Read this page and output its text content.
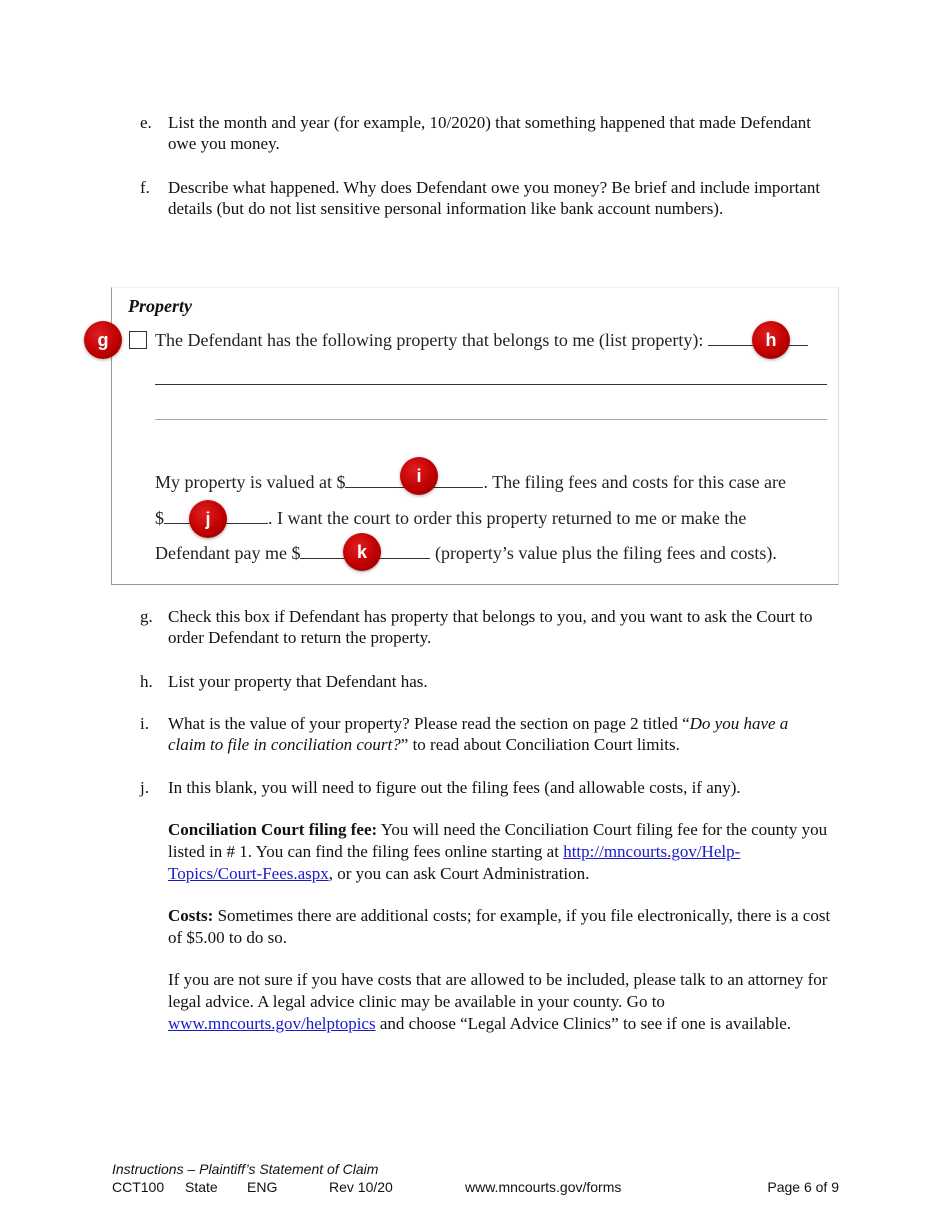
e. List the month and year (for example, 10/2020) that something happened that made Defendant owe you money.
f. Describe what happened. Why does Defendant owe you money? Be brief and include important details (but do not list sensitive personal information like bank account numbers).
Property
The Defendant has the following property that belongs to me (list property):
My property is valued at $	. The filing fees and costs for this case are
$	. I want the court to order this property returned to me or make the
Defendant pay me $	(property’s value plus the filing fees and costs).
g	h
i
j
k
g. Check this box if Defendant has property that belongs to you, and you want to ask the Court to order Defendant to return the property.
h. List your property that Defendant has.
i. What is the value of your property? Please read the section on page 2 titled “Do you have a claim to file in conciliation court?” to read about Conciliation Court limits.
j. In this blank, you will need to figure out the filing fees (and allowable costs, if any).
Conciliation Court filing fee: You will need the Conciliation Court filing fee for the county you listed in # 1. You can find the filing fees online starting at http://mncourts.gov/Help-Topics/Court-Fees.aspx, or you can ask Court Administration.
Costs: Sometimes there are additional costs; for example, if you file electronically, there is a cost of $5.00 to do so.
If you are not sure if you have costs that are allowed to be included, please talk to an attorney for legal advice. A legal advice clinic may be available in your county. Go to www.mncourts.gov/helptopics and choose “Legal Advice Clinics” to see if one is available.
Instructions – Plaintiff’s Statement of Claim
CCT100 State ENG	Rev 10/20	www.mncourts.gov/forms	Page 6 of 9
